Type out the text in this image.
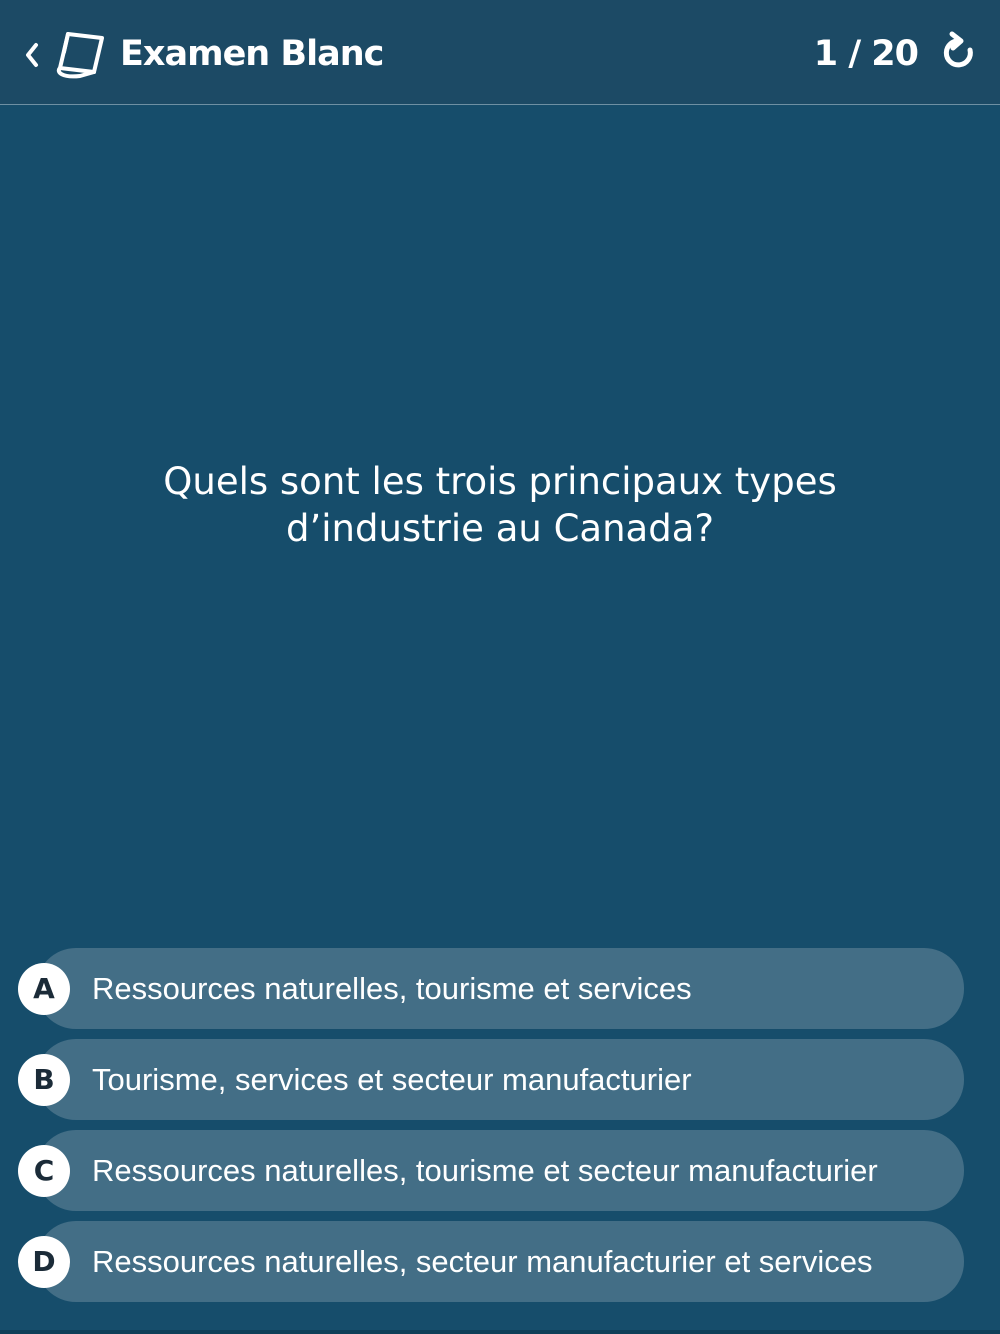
Examen Blanc	1 / 20
Quels sont les trois principaux types
d’industrie au Canada?
A	Ressources naturelles, tourisme et services
B	Tourisme, services et secteur manufacturier
C	Ressources naturelles, tourisme et secteur manufacturier
D	Ressources naturelles, secteur manufacturier et services
